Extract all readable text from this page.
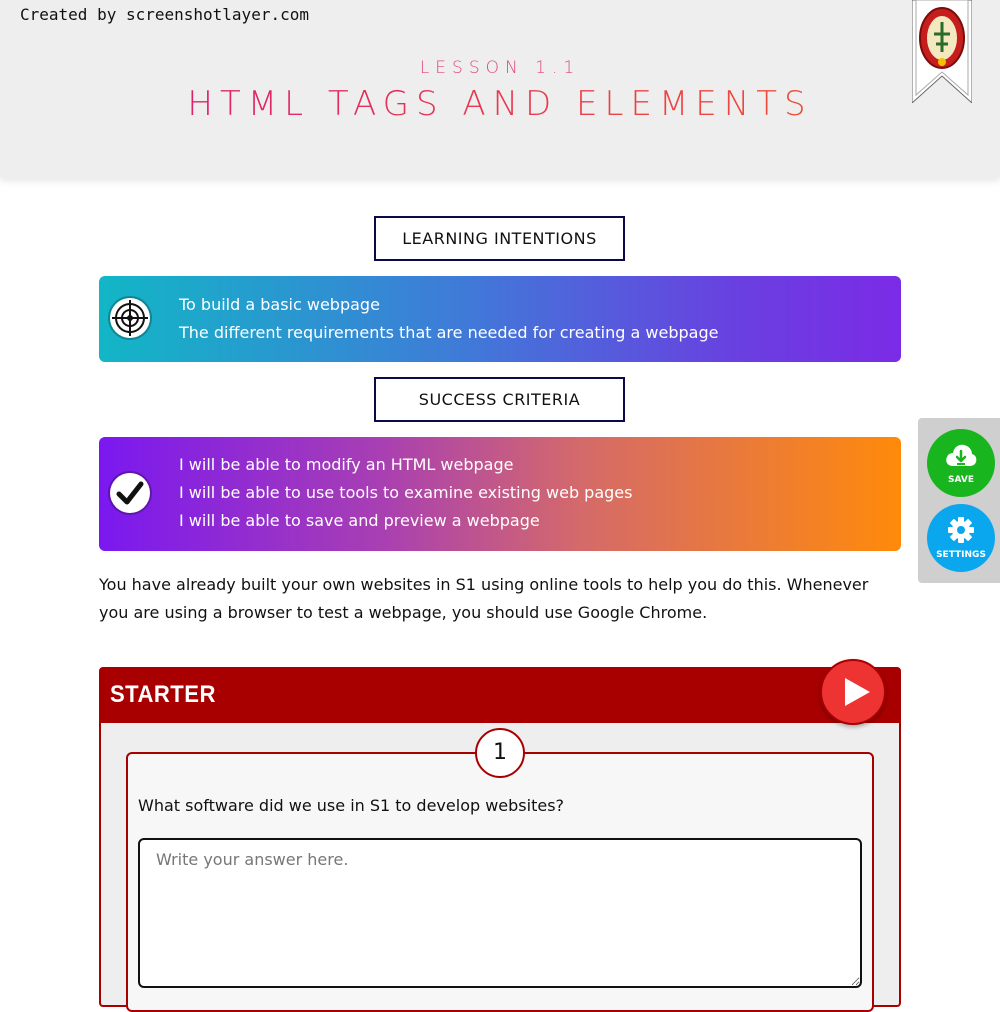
Created by screenshotlayer.com
LESSON 1.1
HTML TAGS AND ELEMENTS
LEARNING INTENTIONS
To build a basic webpage
The different requirements that are needed for creating a webpage
SUCCESS CRITERIA
I will be able to modify an HTML webpage
I will be able to use tools to examine existing web pages
I will be able to save and preview a webpage
You have already built your own websites in S1 using online tools to help you do this. Whenever you are using a browser to test a webpage, you should use Google Chrome.
SAVE
SETTINGS
STARTER
1
What software did we use in S1 to develop websites?
Write your answer here.
